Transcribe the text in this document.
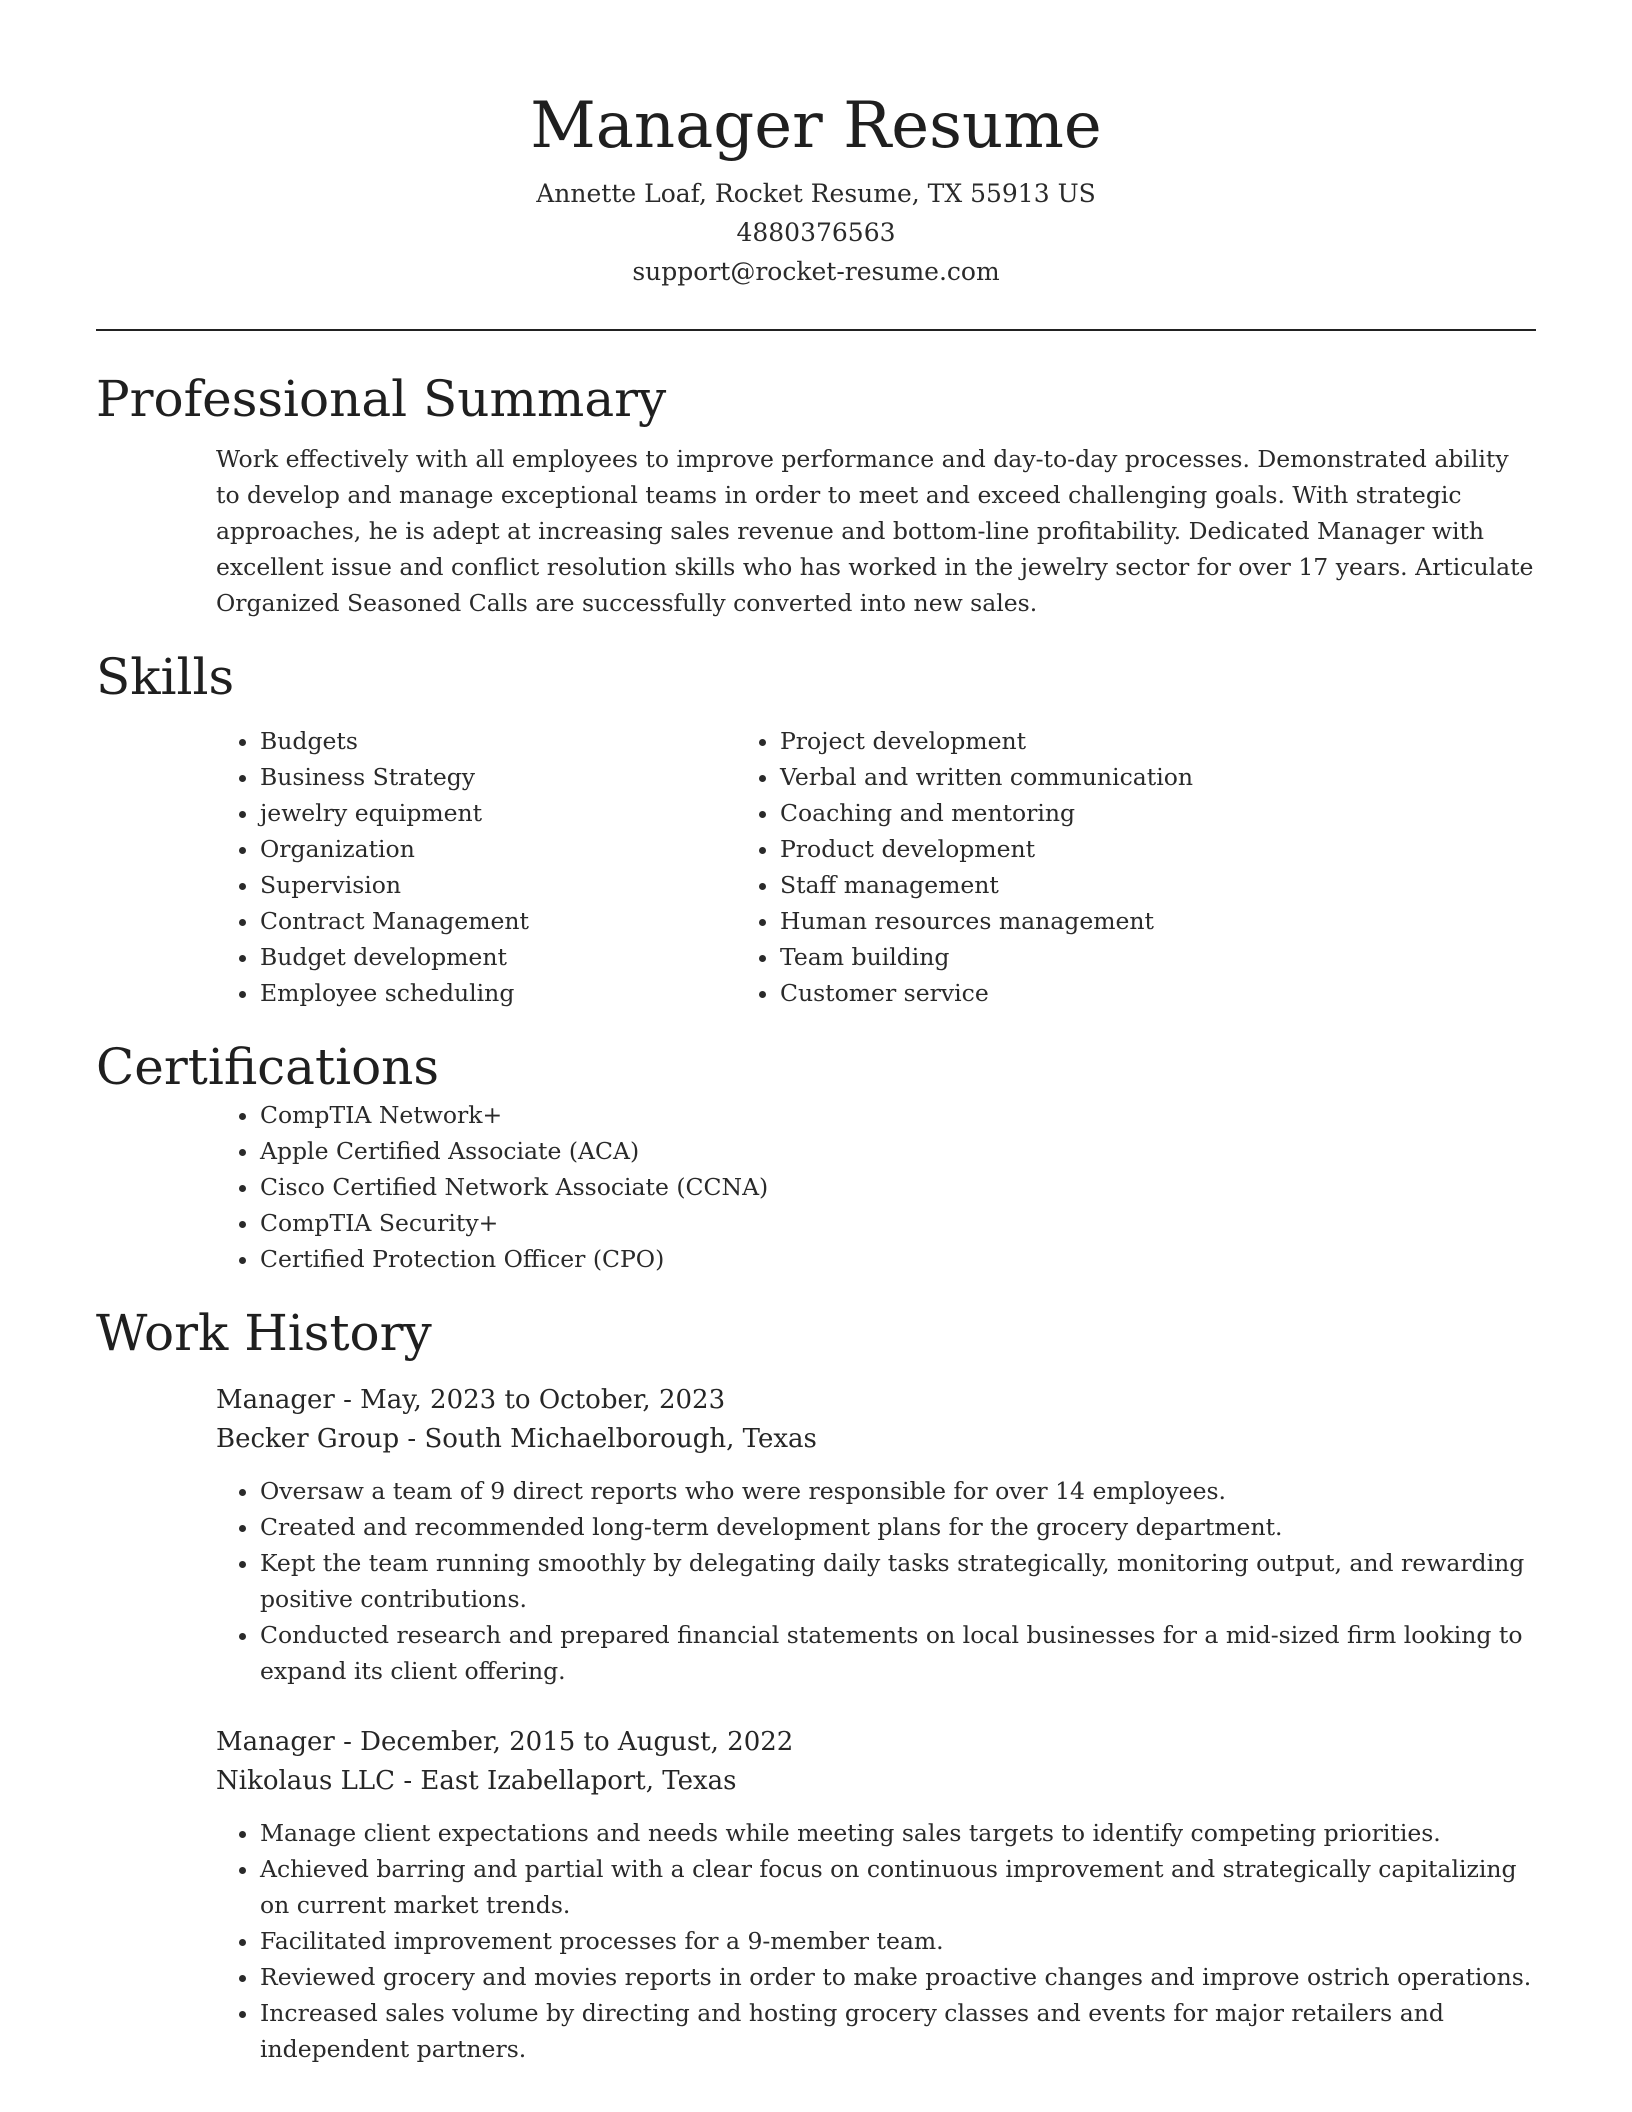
Manager Resume
Annette Loaf, Rocket Resume, TX 55913 US
4880376563
support@rocket-resume.com
Professional Summary

Work effectively with all employees to improve performance and day-to-day processes. Demonstrated ability to develop and manage exceptional teams in order to meet and exceed challenging goals. With strategic approaches, he is adept at increasing sales revenue and bottom-line profitability. Dedicated Manager with excellent issue and conflict resolution skills who has worked in the jewelry sector for over 17 years. Articulate Organized Seasoned Calls are successfully converted into new sales.

Skills
• Budgets
• Business Strategy
• jewelry equipment
• Organization
• Supervision
• Contract Management
• Budget development
• Employee scheduling
• Project development
• Verbal and written communication
• Coaching and mentoring
• Product development
• Staff management
• Human resources management
• Team building
• Customer service
Certifications
• CompTIA Network+
• Apple Certified Associate (ACA)
• Cisco Certified Network Associate (CCNA)
• CompTIA Security+
• Certified Protection Officer (CPO)
Work History
Manager - May, 2023 to October, 2023
Becker Group - South Michaelborough, Texas
• Oversaw a team of 9 direct reports who were responsible for over 14 employees.
• Created and recommended long-term development plans for the grocery department.
• Kept the team running smoothly by delegating daily tasks strategically, monitoring output, and rewarding positive contributions.
• Conducted research and prepared financial statements on local businesses for a mid-sized firm looking to expand its client offering.
Manager - December, 2015 to August, 2022
Nikolaus LLC - East Izabellaport, Texas
• Manage client expectations and needs while meeting sales targets to identify competing priorities.
• Achieved barring and partial with a clear focus on continuous improvement and strategically capitalizing on current market trends.
• Facilitated improvement processes for a 9-member team.
• Reviewed grocery and movies reports in order to make proactive changes and improve ostrich operations.
• Increased sales volume by directing and hosting grocery classes and events for major retailers and independent partners.
